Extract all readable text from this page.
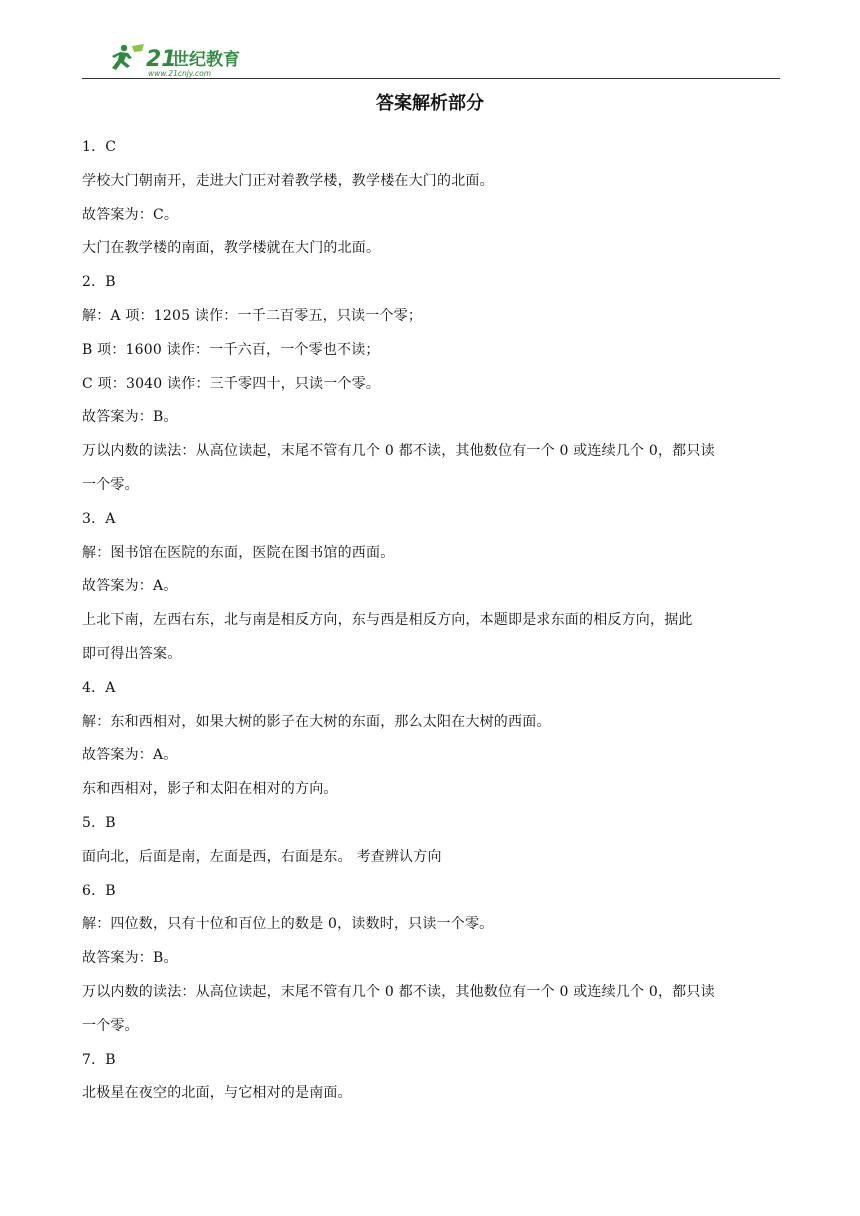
21
世纪教育
www.21cnjy.com
答案解析部分
1．C
学校大门朝南开，走进大门正对着教学楼，教学楼在大门的北面。
故答案为：C。
大门在教学楼的南面，教学楼就在大门的北面。
2．B
解：A 项：1205 读作：一千二百零五，只读一个零；
B 项：1600 读作：一千六百，一个零也不读；
C 项：3040 读作：三千零四十，只读一个零。
故答案为：B。
万以内数的读法：从高位读起，末尾不管有几个 0 都不读，其他数位有一个 0 或连续几个 0，都只读
一个零。
3．A
解：图书馆在医院的东面，医院在图书馆的西面。
故答案为：A。
上北下南，左西右东，北与南是相反方向，东与西是相反方向，本题即是求东面的相反方向，据此
即可得出答案。
4．A
解：东和西相对，如果大树的影子在大树的东面，那么太阳在大树的西面。
故答案为：A。
东和西相对，影子和太阳在相对的方向。
5．B
面向北，后面是南，左面是西，右面是东。 考查辨认方向
6．B
解：四位数，只有十位和百位上的数是 0，读数时，只读一个零。
故答案为：B。
万以内数的读法：从高位读起，末尾不管有几个 0 都不读，其他数位有一个 0 或连续几个 0，都只读
一个零。
7．B
北极星在夜空的北面，与它相对的是南面。
